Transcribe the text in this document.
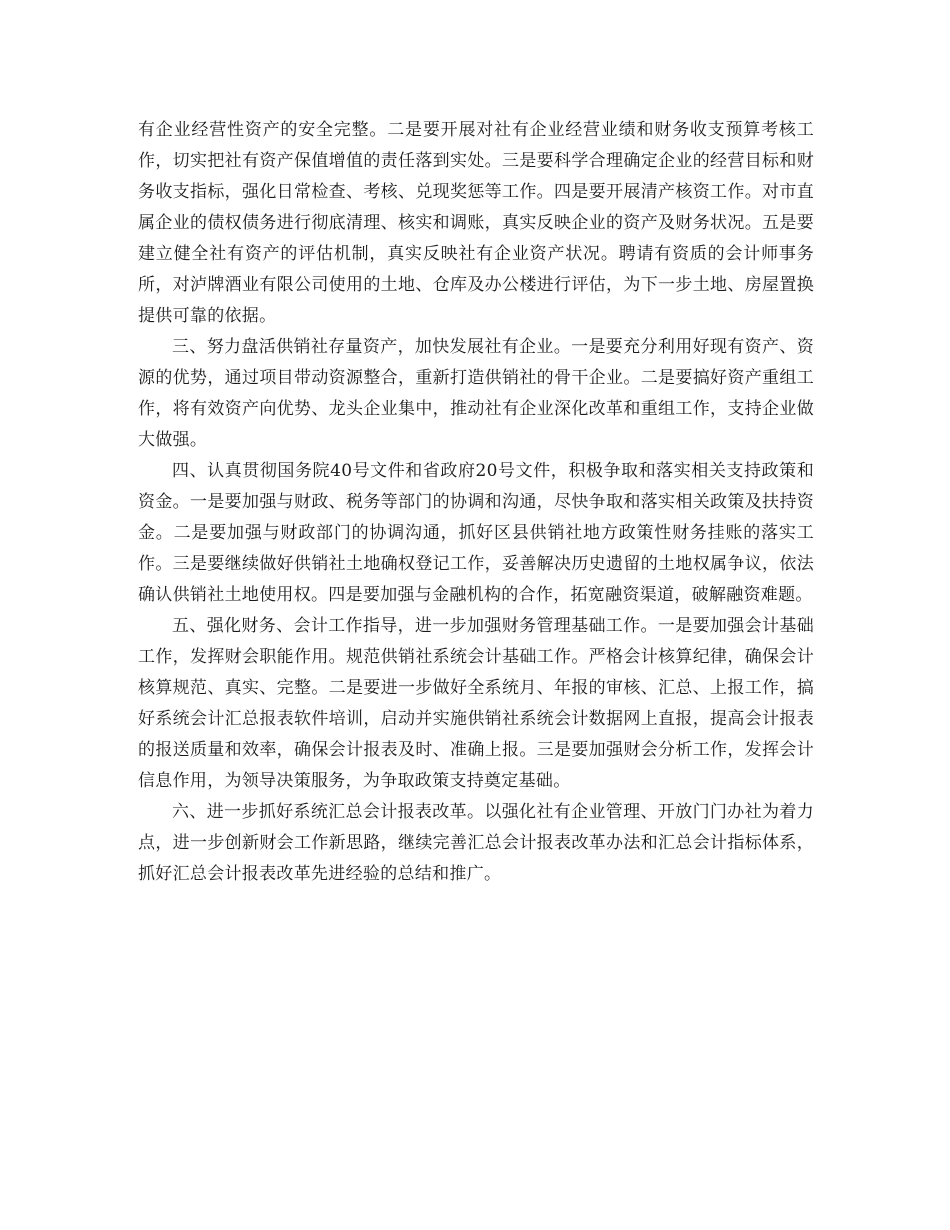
有企业经营性资产的安全完整。二是要开展对社有企业经营业绩和财务收支预算考核工作，切实把社有资产保值增值的责任落到实处。三是要科学合理确定企业的经营目标和财务收支指标，强化日常检查、考核、兑现奖惩等工作。四是要开展清产核资工作。对市直属企业的债权债务进行彻底清理、核实和调账，真实反映企业的资产及财务状况。五是要建立健全社有资产的评估机制，真实反映社有企业资产状况。聘请有资质的会计师事务所，对泸牌酒业有限公司使用的土地、仓库及办公楼进行评估，为下一步土地、房屋置换提供可靠的依据。

三、努力盘活供销社存量资产，加快发展社有企业。一是要充分利用好现有资产、资源的优势，通过项目带动资源整合，重新打造供销社的骨干企业。二是要搞好资产重组工作，将有效资产向优势、龙头企业集中，推动社有企业深化改革和重组工作，支持企业做大做强。

四、认真贯彻国务院40号文件和省政府20号文件，积极争取和落实相关支持政策和资金。一是要加强与财政、税务等部门的协调和沟通，尽快争取和落实相关政策及扶持资金。二是要加强与财政部门的协调沟通，抓好区县供销社地方政策性财务挂账的落实工作。三是要继续做好供销社土地确权登记工作，妥善解决历史遗留的土地权属争议，依法确认供销社土地使用权。四是要加强与金融机构的合作，拓宽融资渠道，破解融资难题。

五、强化财务、会计工作指导，进一步加强财务管理基础工作。一是要加强会计基础工作，发挥财会职能作用。规范供销社系统会计基础工作。严格会计核算纪律，确保会计核算规范、真实、完整。二是要进一步做好全系统月、年报的审核、汇总、上报工作，搞好系统会计汇总报表软件培训，启动并实施供销社系统会计数据网上直报，提高会计报表的报送质量和效率，确保会计报表及时、准确上报。三是要加强财会分析工作，发挥会计信息作用，为领导决策服务，为争取政策支持奠定基础。

六、进一步抓好系统汇总会计报表改革。以强化社有企业管理、开放门门办社为着力点，进一步创新财会工作新思路，继续完善汇总会计报表改革办法和汇总会计指标体系，抓好汇总会计报表改革先进经验的总结和推广。
